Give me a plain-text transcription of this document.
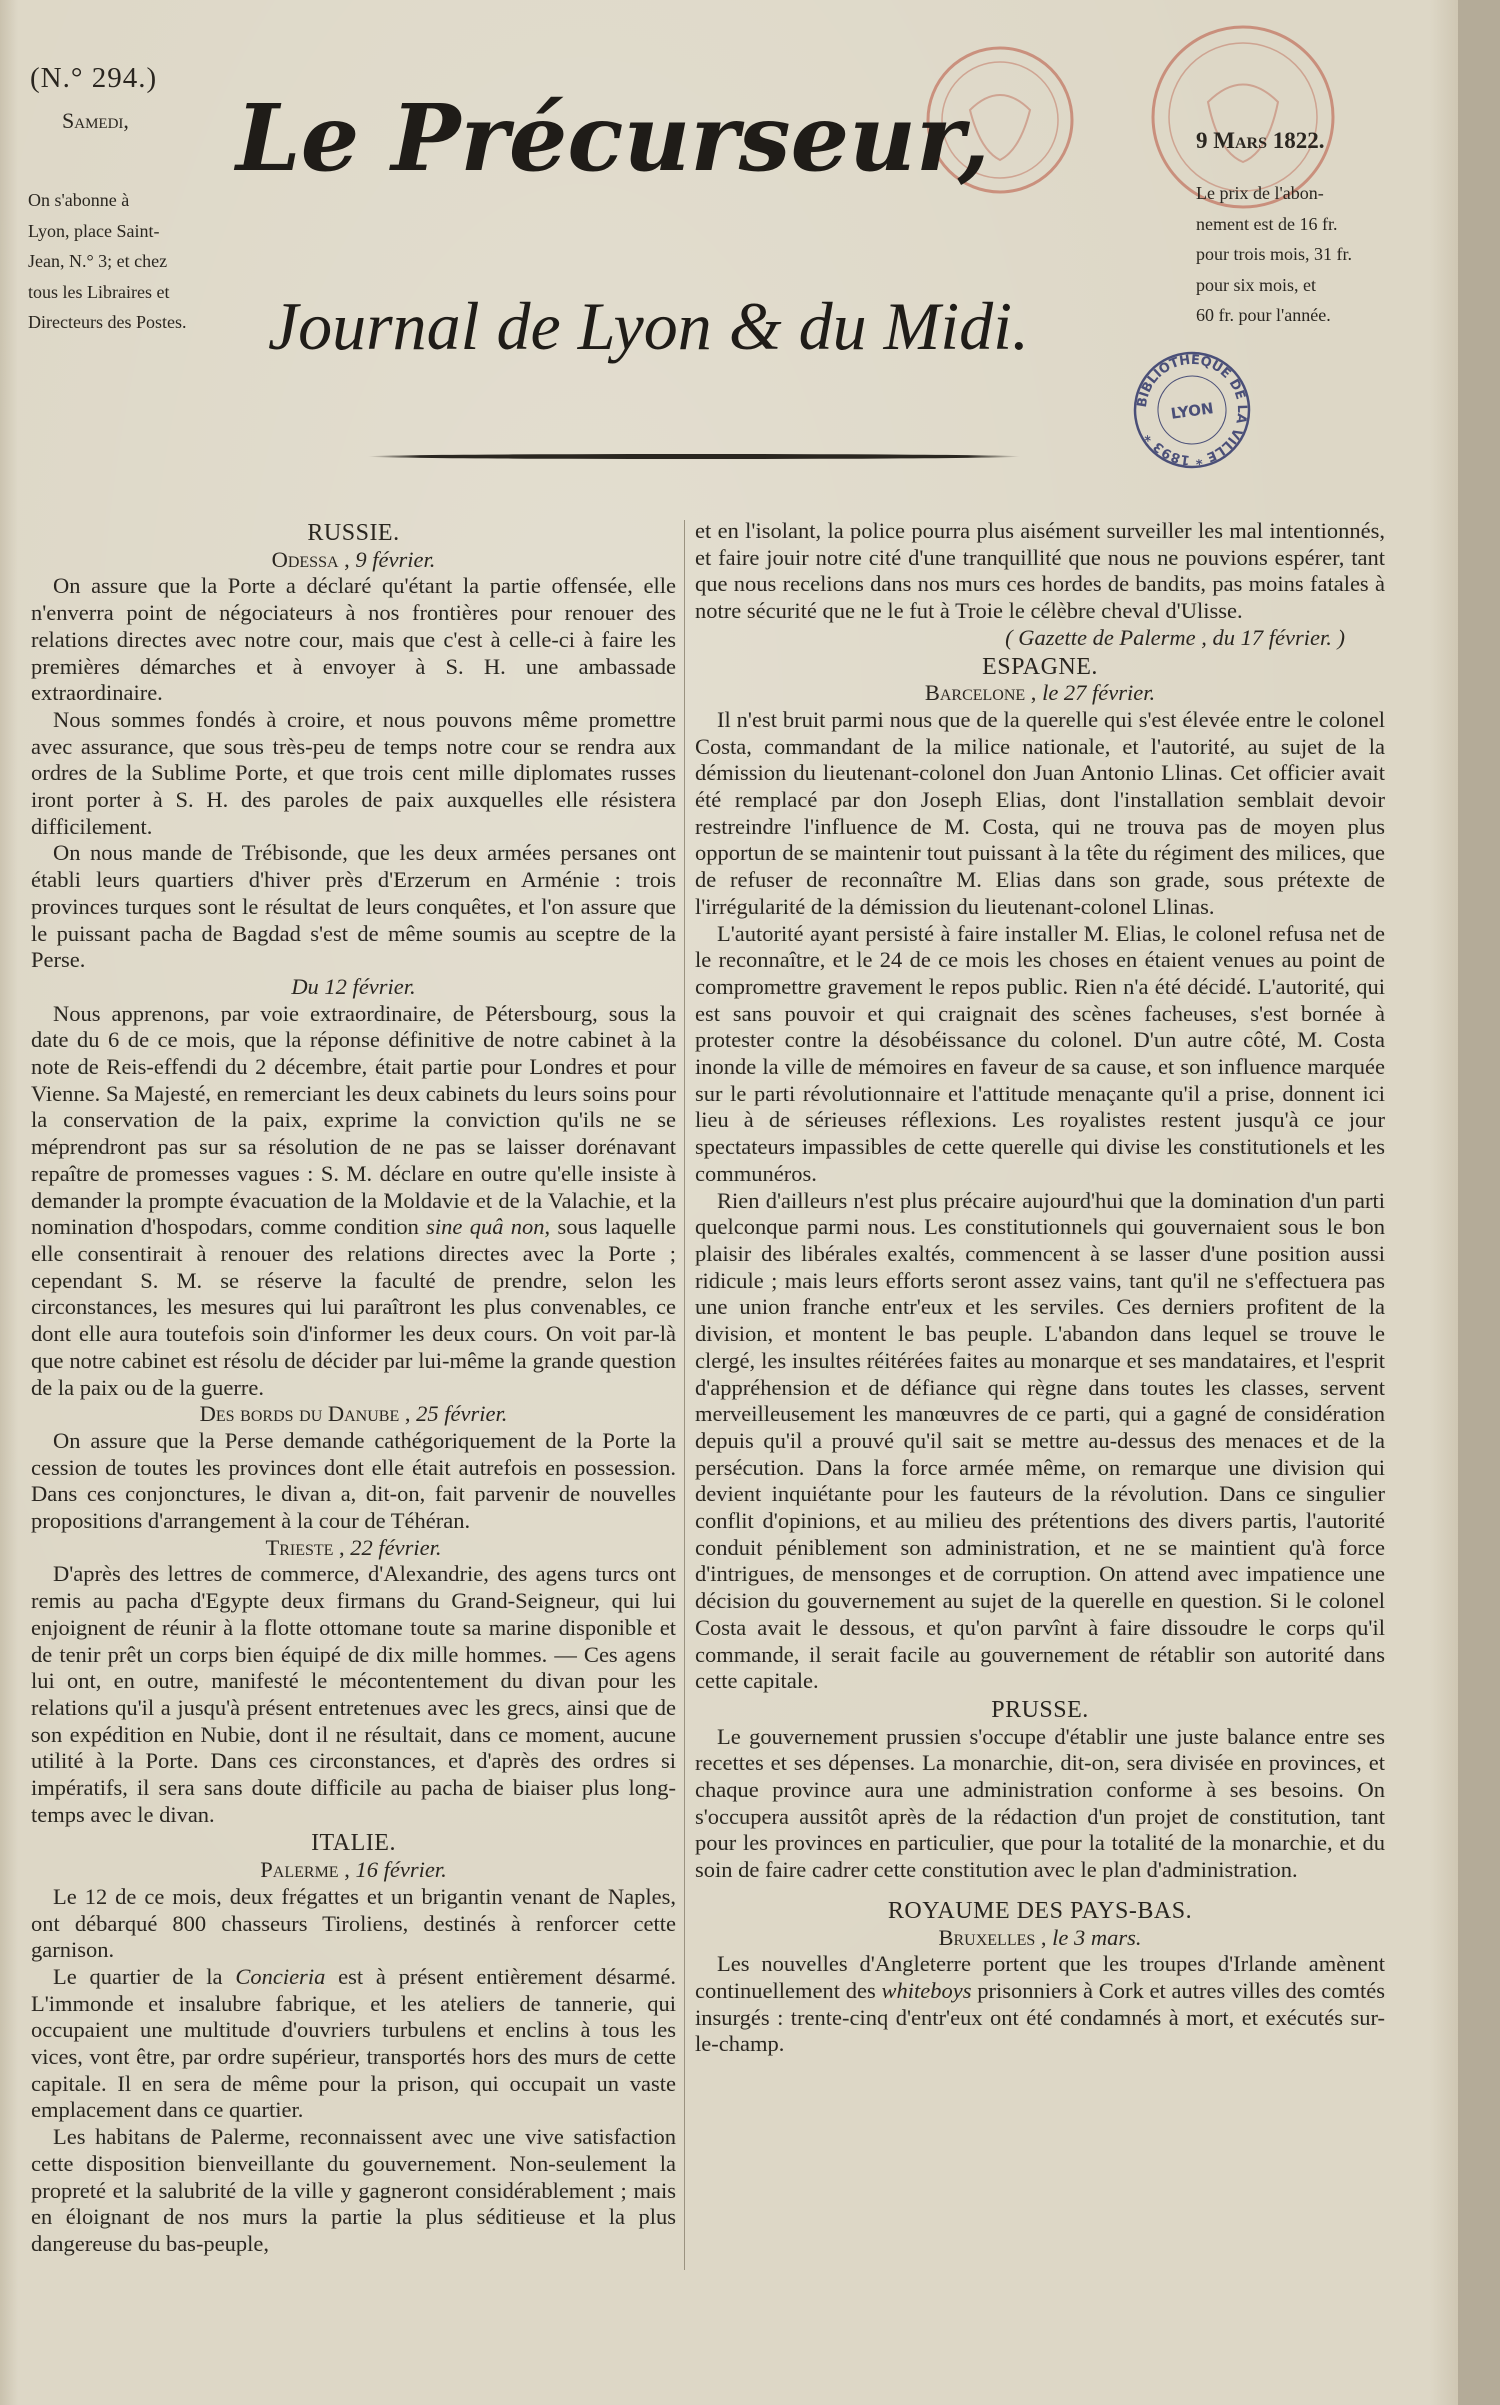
(N.° 294.)
Samedi,
On s'abonne à
Lyon, place Saint-
Jean, N.° 3; et chez
tous les Libraires et
Directeurs des Postes.
Le Précurseur,
Journal de Lyon & du Midi.
9 Mars 1822.
Le prix de l'abon-
nement est de 16 fr.
pour trois mois, 31 fr.
pour six mois, et
60 fr. pour l'année.
BIBLIOTHÈQUE DE LA VILLE * 1893 *
LYON
RUSSIE.
Odessa , 9 février.

On assure que la Porte a déclaré qu'étant la partie offensée, elle n'enverra point de négociateurs à nos frontières pour renouer des relations directes avec notre cour, mais que c'est à celle-ci à faire les premières démarches et à envoyer à S. H. une ambassade extraordinaire.

Nous sommes fondés à croire, et nous pouvons même promettre avec assurance, que sous très-peu de temps notre cour se rendra aux ordres de la Sublime Porte, et que trois cent mille diplomates russes iront porter à S. H. des paroles de paix auxquelles elle résistera difficilement.

On nous mande de Trébisonde, que les deux armées persanes ont établi leurs quartiers d'hiver près d'Erzerum en Arménie : trois provinces turques sont le résultat de leurs conquêtes, et l'on assure que le puissant pacha de Bagdad s'est de même soumis au sceptre de la Perse.

Du 12 février.

Nous apprenons, par voie extraordinaire, de Pétersbourg, sous la date du 6 de ce mois, que la réponse définitive de notre cabinet à la note de Reis-effendi du 2 décembre, était partie pour Londres et pour Vienne. Sa Majesté, en remerciant les deux cabinets du leurs soins pour la conservation de la paix, exprime la conviction qu'ils ne se méprendront pas sur sa résolution de ne pas se laisser dorénavant repaître de promesses vagues : S. M. déclare en outre qu'elle insiste à demander la prompte évacuation de la Moldavie et de la Valachie, et la nomination d'hospodars, comme condition sine quâ non, sous laquelle elle consentirait à renouer des relations directes avec la Porte ; cependant S. M. se réserve la faculté de prendre, selon les circonstances, les mesures qui lui paraîtront les plus convenables, ce dont elle aura toutefois soin d'informer les deux cours. On voit par-là que notre cabinet est résolu de décider par lui-même la grande question de la paix ou de la guerre.

Des bords du Danube , 25 février.

On assure que la Perse demande cathégoriquement de la Porte la cession de toutes les provinces dont elle était autrefois en possession. Dans ces conjonctures, le divan a, dit-on, fait parvenir de nouvelles propositions d'arrangement à la cour de Téhéran.

Trieste , 22 février.

D'après des lettres de commerce, d'Alexandrie, des agens turcs ont remis au pacha d'Egypte deux firmans du Grand-Seigneur, qui lui enjoignent de réunir à la flotte ottomane toute sa marine disponible et de tenir prêt un corps bien équipé de dix mille hommes. — Ces agens lui ont, en outre, manifesté le mécontentement du divan pour les relations qu'il a jusqu'à présent entretenues avec les grecs, ainsi que de son expédition en Nubie, dont il ne résultait, dans ce moment, aucune utilité à la Porte. Dans ces circonstances, et d'après des ordres si impératifs, il sera sans doute difficile au pacha de biaiser plus long-temps avec le divan.

ITALIE.
Palerme , 16 février.

Le 12 de ce mois, deux frégattes et un brigantin venant de Naples, ont débarqué 800 chasseurs Tiroliens, destinés à renforcer cette garnison.

Le quartier de la Concieria est à présent entièrement désarmé. L'immonde et insalubre fabrique, et les ateliers de tannerie, qui occupaient une multitude d'ouvriers turbulens et enclins à tous les vices, vont être, par ordre supérieur, transportés hors des murs de cette capitale. Il en sera de même pour la prison, qui occupait un vaste emplacement dans ce quartier.

Les habitans de Palerme, reconnaissent avec une vive satisfaction cette disposition bienveillante du gouvernement. Non-seulement la propreté et la salubrité de la ville y gagneront considérablement ; mais en éloignant de nos murs la partie la plus séditieuse et la plus dangereuse du bas-peuple,

et en l'isolant, la police pourra plus aisément surveiller les mal intentionnés, et faire jouir notre cité d'une tranquillité que nous ne pouvions espérer, tant que nous recelions dans nos murs ces hordes de bandits, pas moins fatales à notre sécurité que ne le fut à Troie le célèbre cheval d'Ulisse.

( Gazette de Palerme , du 17 février. )
ESPAGNE.
Barcelone , le 27 février.

Il n'est bruit parmi nous que de la querelle qui s'est élevée entre le colonel Costa, commandant de la milice nationale, et l'autorité, au sujet de la démission du lieutenant-colonel don Juan Antonio Llinas. Cet officier avait été remplacé par don Joseph Elias, dont l'installation semblait devoir restreindre l'influence de M. Costa, qui ne trouva pas de moyen plus opportun de se maintenir tout puissant à la tête du régiment des milices, que de refuser de reconnaître M. Elias dans son grade, sous prétexte de l'irrégularité de la démission du lieutenant-colonel Llinas.

L'autorité ayant persisté à faire installer M. Elias, le colonel refusa net de le reconnaître, et le 24 de ce mois les choses en étaient venues au point de compromettre gravement le repos public. Rien n'a été décidé. L'autorité, qui est sans pouvoir et qui craignait des scènes facheuses, s'est bornée à protester contre la désobéissance du colonel. D'un autre côté, M. Costa inonde la ville de mémoires en faveur de sa cause, et son influence marquée sur le parti révolutionnaire et l'attitude menaçante qu'il a prise, donnent ici lieu à de sérieuses réflexions. Les royalistes restent jusqu'à ce jour spectateurs impassibles de cette querelle qui divise les constitutionels et les communéros.

Rien d'ailleurs n'est plus précaire aujourd'hui que la domination d'un parti quelconque parmi nous. Les constitutionnels qui gouvernaient sous le bon plaisir des libérales exaltés, commencent à se lasser d'une position aussi ridicule ; mais leurs efforts seront assez vains, tant qu'il ne s'effectuera pas une union franche entr'eux et les serviles. Ces derniers profitent de la division, et montent le bas peuple. L'abandon dans lequel se trouve le clergé, les insultes réitérées faites au monarque et ses mandataires, et l'esprit d'appréhension et de défiance qui règne dans toutes les classes, servent merveilleusement les manœuvres de ce parti, qui a gagné de considération depuis qu'il a prouvé qu'il sait se mettre au-dessus des menaces et de la persécution. Dans la force armée même, on remarque une division qui devient inquiétante pour les fauteurs de la révolution. Dans ce singulier conflit d'opinions, et au milieu des prétentions des divers partis, l'autorité conduit péniblement son administration, et ne se maintient qu'à force d'intrigues, de mensonges et de corruption. On attend avec impatience une décision du gouvernement au sujet de la querelle en question. Si le colonel Costa avait le dessous, et qu'on parvînt à faire dissoudre le corps qu'il commande, il serait facile au gouvernement de rétablir son autorité dans cette capitale.

PRUSSE.

Le gouvernement prussien s'occupe d'établir une juste balance entre ses recettes et ses dépenses. La monarchie, dit-on, sera divisée en provinces, et chaque province aura une administration conforme à ses besoins. On s'occupera aussitôt après de la rédaction d'un projet de constitution, tant pour les provinces en particulier, que pour la totalité de la monarchie, et du soin de faire cadrer cette constitution avec le plan d'administration.

ROYAUME DES PAYS-BAS.
Bruxelles , le 3 mars.

Les nouvelles d'Angleterre portent que les troupes d'Irlande amènent continuellement des whiteboys prisonniers à Cork et autres villes des comtés insurgés : trente-cinq d'entr'eux ont été condamnés à mort, et exécutés sur-le-champ.
